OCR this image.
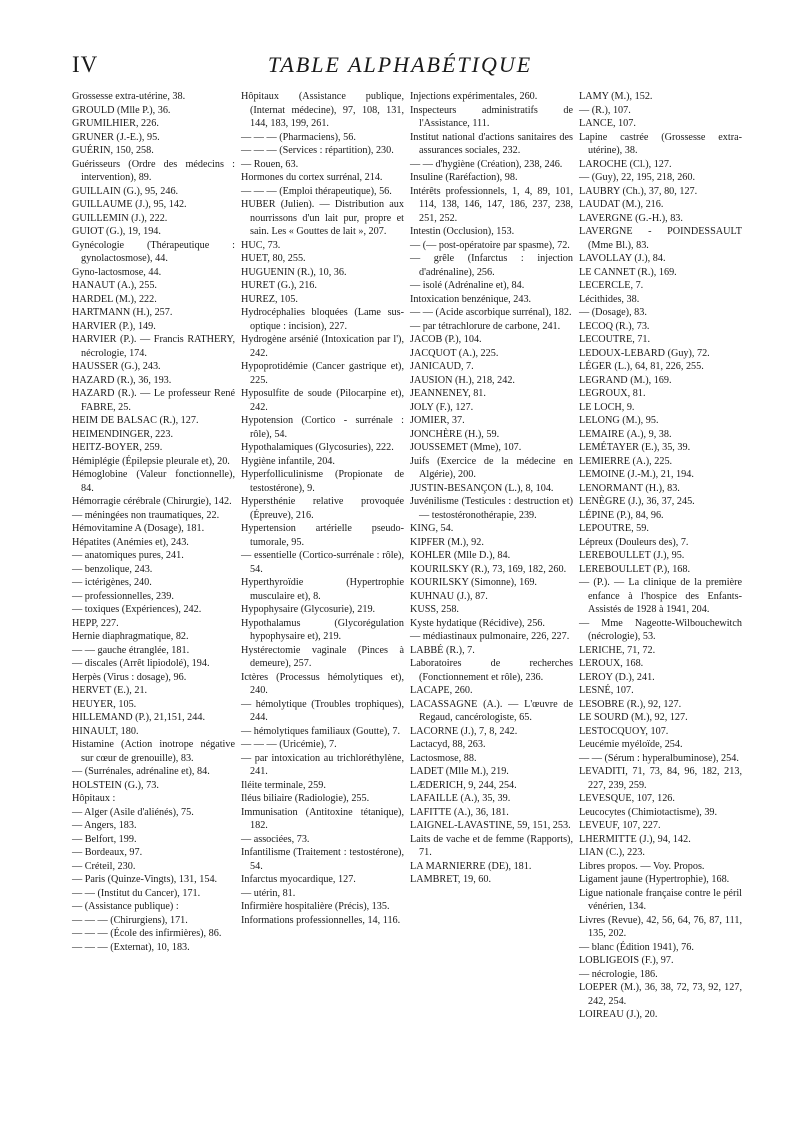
IV	TABLE ALPHABÉTIQUE

Grossesse extra-utérine, 38.

GROULD (Mlle P.), 36.

GRUMILHIER, 226.

GRUNER (J.-E.), 95.

GUÉRIN, 150, 258.

Guérisseurs (Ordre des médecins : intervention), 89.

GUILLAIN (G.), 95, 246.

GUILLAUME (J.), 95, 142.

GUILLEMIN (J.), 222.

GUIOT (G.), 19, 194.

Gynécologie (Thérapeutique : gynolactosmose), 44.

Gyno-lactosmose, 44.

HANAUT (A.), 255.

HARDEL (M.), 222.

HARTMANN (H.), 257.

HARVIER (P.), 149.

HARVIER (P.). — Francis RATHERY, nécrologie, 174.

HAUSSER (G.), 243.

HAZARD (R.), 36, 193.

HAZARD (R.). — Le professeur René FABRE, 25.

HEIM DE BALSAC (R.), 127.

HEIMENDINGER, 223.

HEITZ-BOYER, 259.

Hémiplégie (Épilepsie pleurale et), 20.

Hémoglobine (Valeur fonctionnelle), 84.

Hémorragie cérébrale (Chirurgie), 142.

— méningées non traumatiques, 22.

Hémovitamine A (Dosage), 181.

Hépatites (Anémies et), 243.

— anatomiques pures, 241.

— benzolique, 243.

— ictérigènes, 240.

— professionnelles, 239.

— toxiques (Expériences), 242.

HEPP, 227.

Hernie diaphragmatique, 82.

— — gauche étranglée, 181.

— discales (Arrêt lipiodolé), 194.

Herpès (Virus : dosage), 96.

HERVET (E.), 21.

HEUYER, 105.

HILLEMAND (P.), 21,151, 244.

HINAULT, 180.

Histamine (Action inotrope négative sur cœur de grenouille), 83.

— (Surrénales, adrénaline et), 84.

HOLSTEIN (G.), 73.

Hôpitaux :

— Alger (Asile d'aliénés), 75.

— Angers, 183.

— Belfort, 199.

— Bordeaux, 97.

— Créteil, 230.

— Paris (Quinze-Vingts), 131, 154.

— — (Institut du Cancer), 171.

— (Assistance publique) :

— — — (Chirurgiens), 171.

— — — (École des infirmières), 86.

— — — (Externat), 10, 183.

Hôpitaux (Assistance publique, (Internat médecine), 97, 108, 131, 144, 183, 199, 261.

— — — (Pharmaciens), 56.

— — — (Services : répartition), 230.

— Rouen, 63.

Hormones du cortex surrénal, 214.

— — — (Emploi thérapeutique), 56.

HUBER (Julien). — Distribution aux nourrissons d'un lait pur, propre et sain. Les « Gouttes de lait », 207.

HUC, 73.

HUET, 80, 255.

HUGUENIN (R.), 10, 36.

HURET (G.), 216.

HUREZ, 105.

Hydrocéphalies bloquées (Lame sus-optique : incision), 227.

Hydrogène arsénié (Intoxication par l'), 242.

Hypoprotidémie (Cancer gastrique et), 225.

Hyposulfite de soude (Pilocarpine et), 242.

Hypotension (Cortico - surrénale : rôle), 54.

Hypothalamiques (Glycosuries), 222.

Hygiène infantile, 204.

Hyperfolliculinisme (Propionate de testostérone), 9.

Hypersthénie relative provoquée (Épreuve), 216.

Hypertension artérielle pseudo-tumorale, 95.

— essentielle (Cortico-surrénale : rôle), 54.

Hyperthyroïdie (Hypertrophie musculaire et), 8.

Hypophysaire (Glycosurie), 219.

Hypothalamus (Glycorégulation hypophysaire et), 219.

Hystérectomie vaginale (Pinces à demeure), 257.

Ictères (Processus hémolytiques et), 240.

— hémolytique (Troubles trophiques), 244.

— hémolytiques familiaux (Goutte), 7.

— — — (Uricémie), 7.

— par intoxication au trichloréthylène, 241.

Iléite terminale, 259.

Iléus biliaire (Radiologie), 255.

Immunisation (Antitoxine tétanique), 182.

— associées, 73.

Infantilisme (Traitement : testostérone), 54.

Infarctus myocardique, 127.

— utérin, 81.

Infirmière hospitalière (Précis), 135.

Informations professionnelles, 14, 116.

Injections expérimentales, 260.

Inspecteurs administratifs de l'Assistance, 111.

Institut national d'actions sanitaires des assurances sociales, 232.

— — d'hygiène (Création), 238, 246.

Insuline (Raréfaction), 98.

Intérêts professionnels, 1, 4, 89, 101, 114, 138, 146, 147, 186, 237, 238, 251, 252.

Intestin (Occlusion), 153.

— (— post-opératoire par spasme), 72.

— grêle (Infarctus : injection d'adrénaline), 256.

— isolé (Adrénaline et), 84.

Intoxication benzénique, 243.

— — (Acide ascorbique surrénal), 182.

— par tétrachlorure de carbone, 241.

JACOB (P.), 104.

JACQUOT (A.), 225.

JANICAUD, 7.

JAUSION (H.), 218, 242.

JEANNENEY, 81.

JOLY (F.), 127.

JOMIER, 37.

JONCHÈRE (H.), 59.

JOUSSEMET (Mme), 107.

Juifs (Exercice de la médecine en Algérie), 200.

JUSTIN-BESANÇON (L.), 8, 104.

Juvénilisme (Testicules : destruction et) — testostéronothérapie, 239.

KING, 54.

KIPFER (M.), 92.

KOHLER (Mlle D.), 84.

KOURILSKY (R.), 73, 169, 182, 260.

KOURILSKY (Simonne), 169.

KUHNAU (J.), 87.

KUSS, 258.

Kyste hydatique (Récidive), 256.

— médiastinaux pulmonaire, 226, 227.

LABBÉ (R.), 7.

Laboratoires de recherches (Fonctionnement et rôle), 236.

LACAPE, 260.

LACASSAGNE (A.). — L'œuvre de Regaud, cancérologiste, 65.

LACORNE (J.), 7, 8, 242.

Lactacyd, 88, 263.

Lactosmose, 88.

LADET (Mlle M.), 219.

LÆDERICH, 9, 244, 254.

LAFAILLE (A.), 35, 39.

LAFITTE (A.), 36, 181.

LAIGNEL-LAVASTINE, 59, 151, 253.

Laits de vache et de femme (Rapports), 71.

LA MARNIERRE (DE), 181.

LAMBRET, 19, 60.

LAMY (M.), 152.

— (R.), 107.

LANCE, 107.

Lapine castrée (Grossesse extra-utérine), 38.

LAROCHE (Cl.), 127.

— (Guy), 22, 195, 218, 260.

LAUBRY (Ch.), 37, 80, 127.

LAUDAT (M.), 216.

LAVERGNE (G.-H.), 83.

LAVERGNE - POINDESSAULT (Mme Bl.), 83.

LAVOLLAY (J.), 84.

LE CANNET (R.), 169.

LECERCLE, 7.

Lécithides, 38.

— (Dosage), 83.

LECOQ (R.), 73.

LECOUTRE, 71.

LEDOUX-LEBARD (Guy), 72.

LÉGER (L.), 64, 81, 226, 255.

LEGRAND (M.), 169.

LEGROUX, 81.

LE LOCH, 9.

LELONG (M.), 95.

LEMAIRE (A.), 9, 38.

LEMÉTAYER (E.), 35, 39.

LEMIERRE (A.), 225.

LEMOINE (J.-M.), 21, 194.

LENORMANT (H.), 83.

LENÈGRE (J.), 36, 37, 245.

LÉPINE (P.), 84, 96.

LEPOUTRE, 59.

Lépreux (Douleurs des), 7.

LEREBOULLET (J.), 95.

LEREBOULLET (P.), 168.

— (P.). — La clinique de la première enfance à l'hospice des Enfants-Assistés de 1928 à 1941, 204.

— Mme Nageotte-Wilbouchewitch (nécrologie), 53.

LERICHE, 71, 72.

LEROUX, 168.

LEROY (D.), 241.

LESNÉ, 107.

LESOBRE (R.), 92, 127.

LE SOURD (M.), 92, 127.

LESTOCQUOY, 107.

Leucémie myéloïde, 254.

— — (Sérum : hyperalbuminose), 254.

LEVADITI, 71, 73, 84, 96, 182, 213, 227, 239, 259.

LEVESQUE, 107, 126.

Leucocytes (Chimiotactisme), 39.

LEVEUF, 107, 227.

LHERMITTE (J.), 94, 142.

LIAN (C.), 223.

Libres propos. — Voy. Propos.

Ligament jaune (Hypertrophie), 168.

Ligue nationale française contre le péril vénérien, 134.

Livres (Revue), 42, 56, 64, 76, 87, 111, 135, 202.

— blanc (Édition 1941), 76.

LOBLIGEOIS (F.), 97.

— nécrologie, 186.

LOEPER (M.), 36, 38, 72, 73, 92, 127, 242, 254.

LOIREAU (J.), 20.
